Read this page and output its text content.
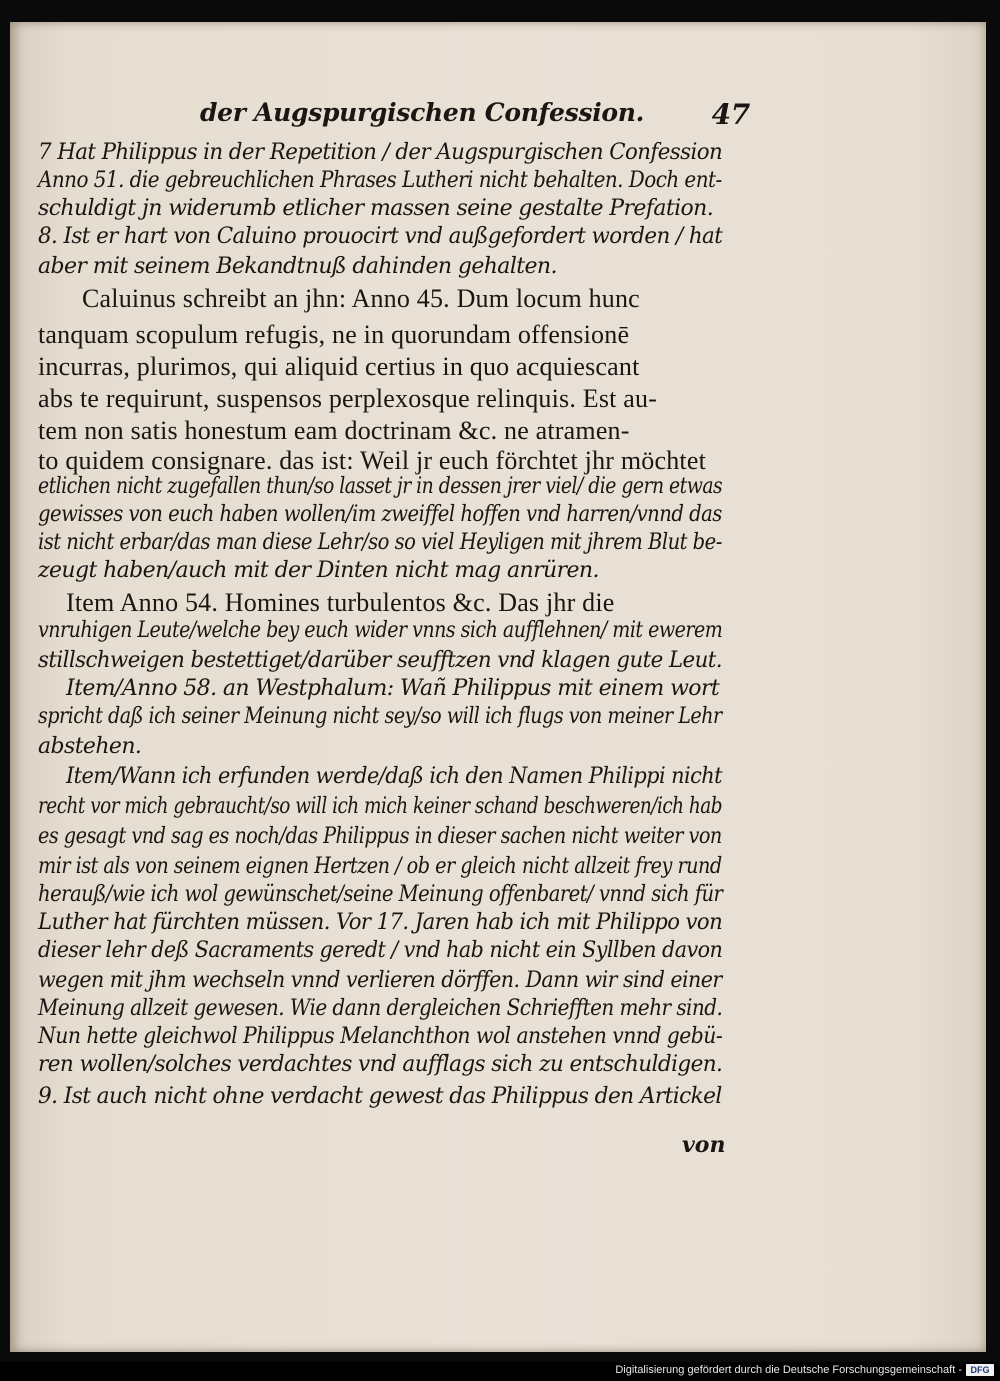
der Augspurgischen Confession. 47
7 Hat Philippus in der Repetition / der Augspurgischen Confession
Anno 51. die gebreuchlichen Phrases Lutheri nicht behalten. Doch ent-
schuldigt jn widerumb etlicher massen seine gestalte Prefation.
8. Ist er hart von Caluino prouocirt vnd außgefordert worden / hat
aber mit seinem Bekandtnuß dahinden gehalten.
Caluinus schreibt an jhn: Anno 45. Dum locum hunc
tanquam scopulum refugis, ne in quorundam offensionē
incurras, plurimos, qui aliquid certius in quo acquiescant
abs te requirunt, suspensos perplexosque relinquis. Est au-
tem non satis honestum eam doctrinam &c. ne atramen-
to quidem consignare. das ist: Weil jr euch förchtet jhr möchtet
etlichen nicht zugefallen thun/so lasset jr in dessen jrer viel/ die gern etwas
gewisses von euch haben wollen/im zweiffel hoffen vnd harren/vnnd das
ist nicht erbar/das man diese Lehr/so so viel Heyligen mit jhrem Blut be-
zeugt haben/auch mit der Dinten nicht mag anrüren.
Item Anno 54. Homines turbulentos &c. Das jhr die
vnruhigen Leute/welche bey euch wider vnns sich aufflehnen/ mit ewerem
stillschweigen bestettiget/darüber seufftzen vnd klagen gute Leut.
Item/Anno 58. an Westphalum: Wañ Philippus mit einem wort
spricht daß ich seiner Meinung nicht sey/so will ich flugs von meiner Lehr
abstehen.
Item/Wann ich erfunden werde/daß ich den Namen Philippi nicht
recht vor mich gebraucht/so will ich mich keiner schand beschweren/ich hab
es gesagt vnd sag es noch/das Philippus in dieser sachen nicht weiter von
mir ist als von seinem eignen Hertzen / ob er gleich nicht allzeit frey rund
herauß/wie ich wol gewünschet/seine Meinung offenbaret/ vnnd sich für
Luther hat fürchten müssen. Vor 17. Jaren hab ich mit Philippo von
dieser lehr deß Sacraments geredt / vnd hab nicht ein Syllben davon
wegen mit jhm wechseln vnnd verlieren dörffen. Dann wir sind einer
Meinung allzeit gewesen. Wie dann dergleichen Schriefften mehr sind.
Nun hette gleichwol Philippus Melanchthon wol anstehen vnnd gebü-
ren wollen/solches verdachtes vnd aufflags sich zu entschuldigen.
9. Ist auch nicht ohne verdacht gewest das Philippus den Artickel
von
Digitalisierung gefördert durch die Deutsche Forschungsgemeinschaft - DFG
